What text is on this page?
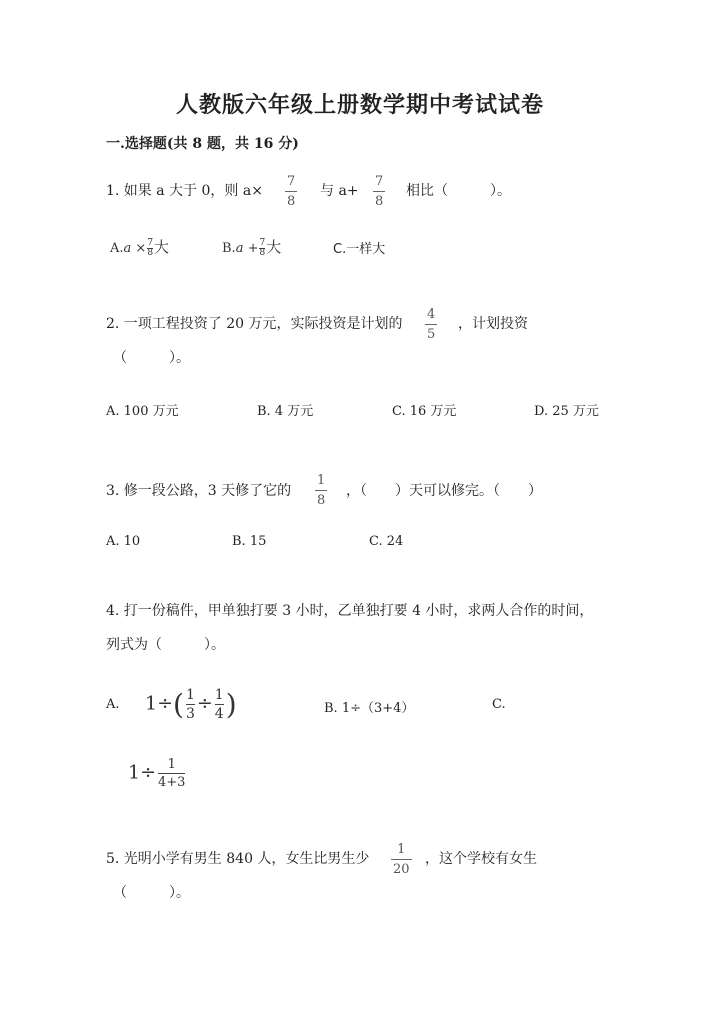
人教版六年级上册数学期中考试试卷
一.选择题(共 8 题，共 16 分)
1. 如果 a 大于 0，则 $a\times \frac{7}{8}$ 与 $a+ \frac{7}{8}$ 相比（　　　）。
$A.a \times \frac{7}{8}$ 大	$B.a + \frac{7}{8}$ 大	C.一样大
2. 一项工程投资了 20 万元，实际投资是计划的 $\frac{4}{5}$ ，计划投资
（　　　）。
A. 100 万元	B. 4 万元	C. 16 万元	D. 25 万元
3. 修一段公路，3 天修了它的 $\frac{1}{8}$ ，（　　）天可以修完。（　　）
A. 10	B. 15	C. 24
4. 打一份稿件，甲单独打要 3 小时，乙单独打要 4 小时，求两人合作的时间，
列式为（　　　）。
A. $1\div( \frac{1}{3} \div \frac{1}{4}$ )	B. 1÷（3+4）	C.
$1\div \frac{1}{4+3}$
5. 光明小学有男生 840 人，女生比男生少 $\frac{1}{20}$ ，这个学校有女生
（　　　）。
